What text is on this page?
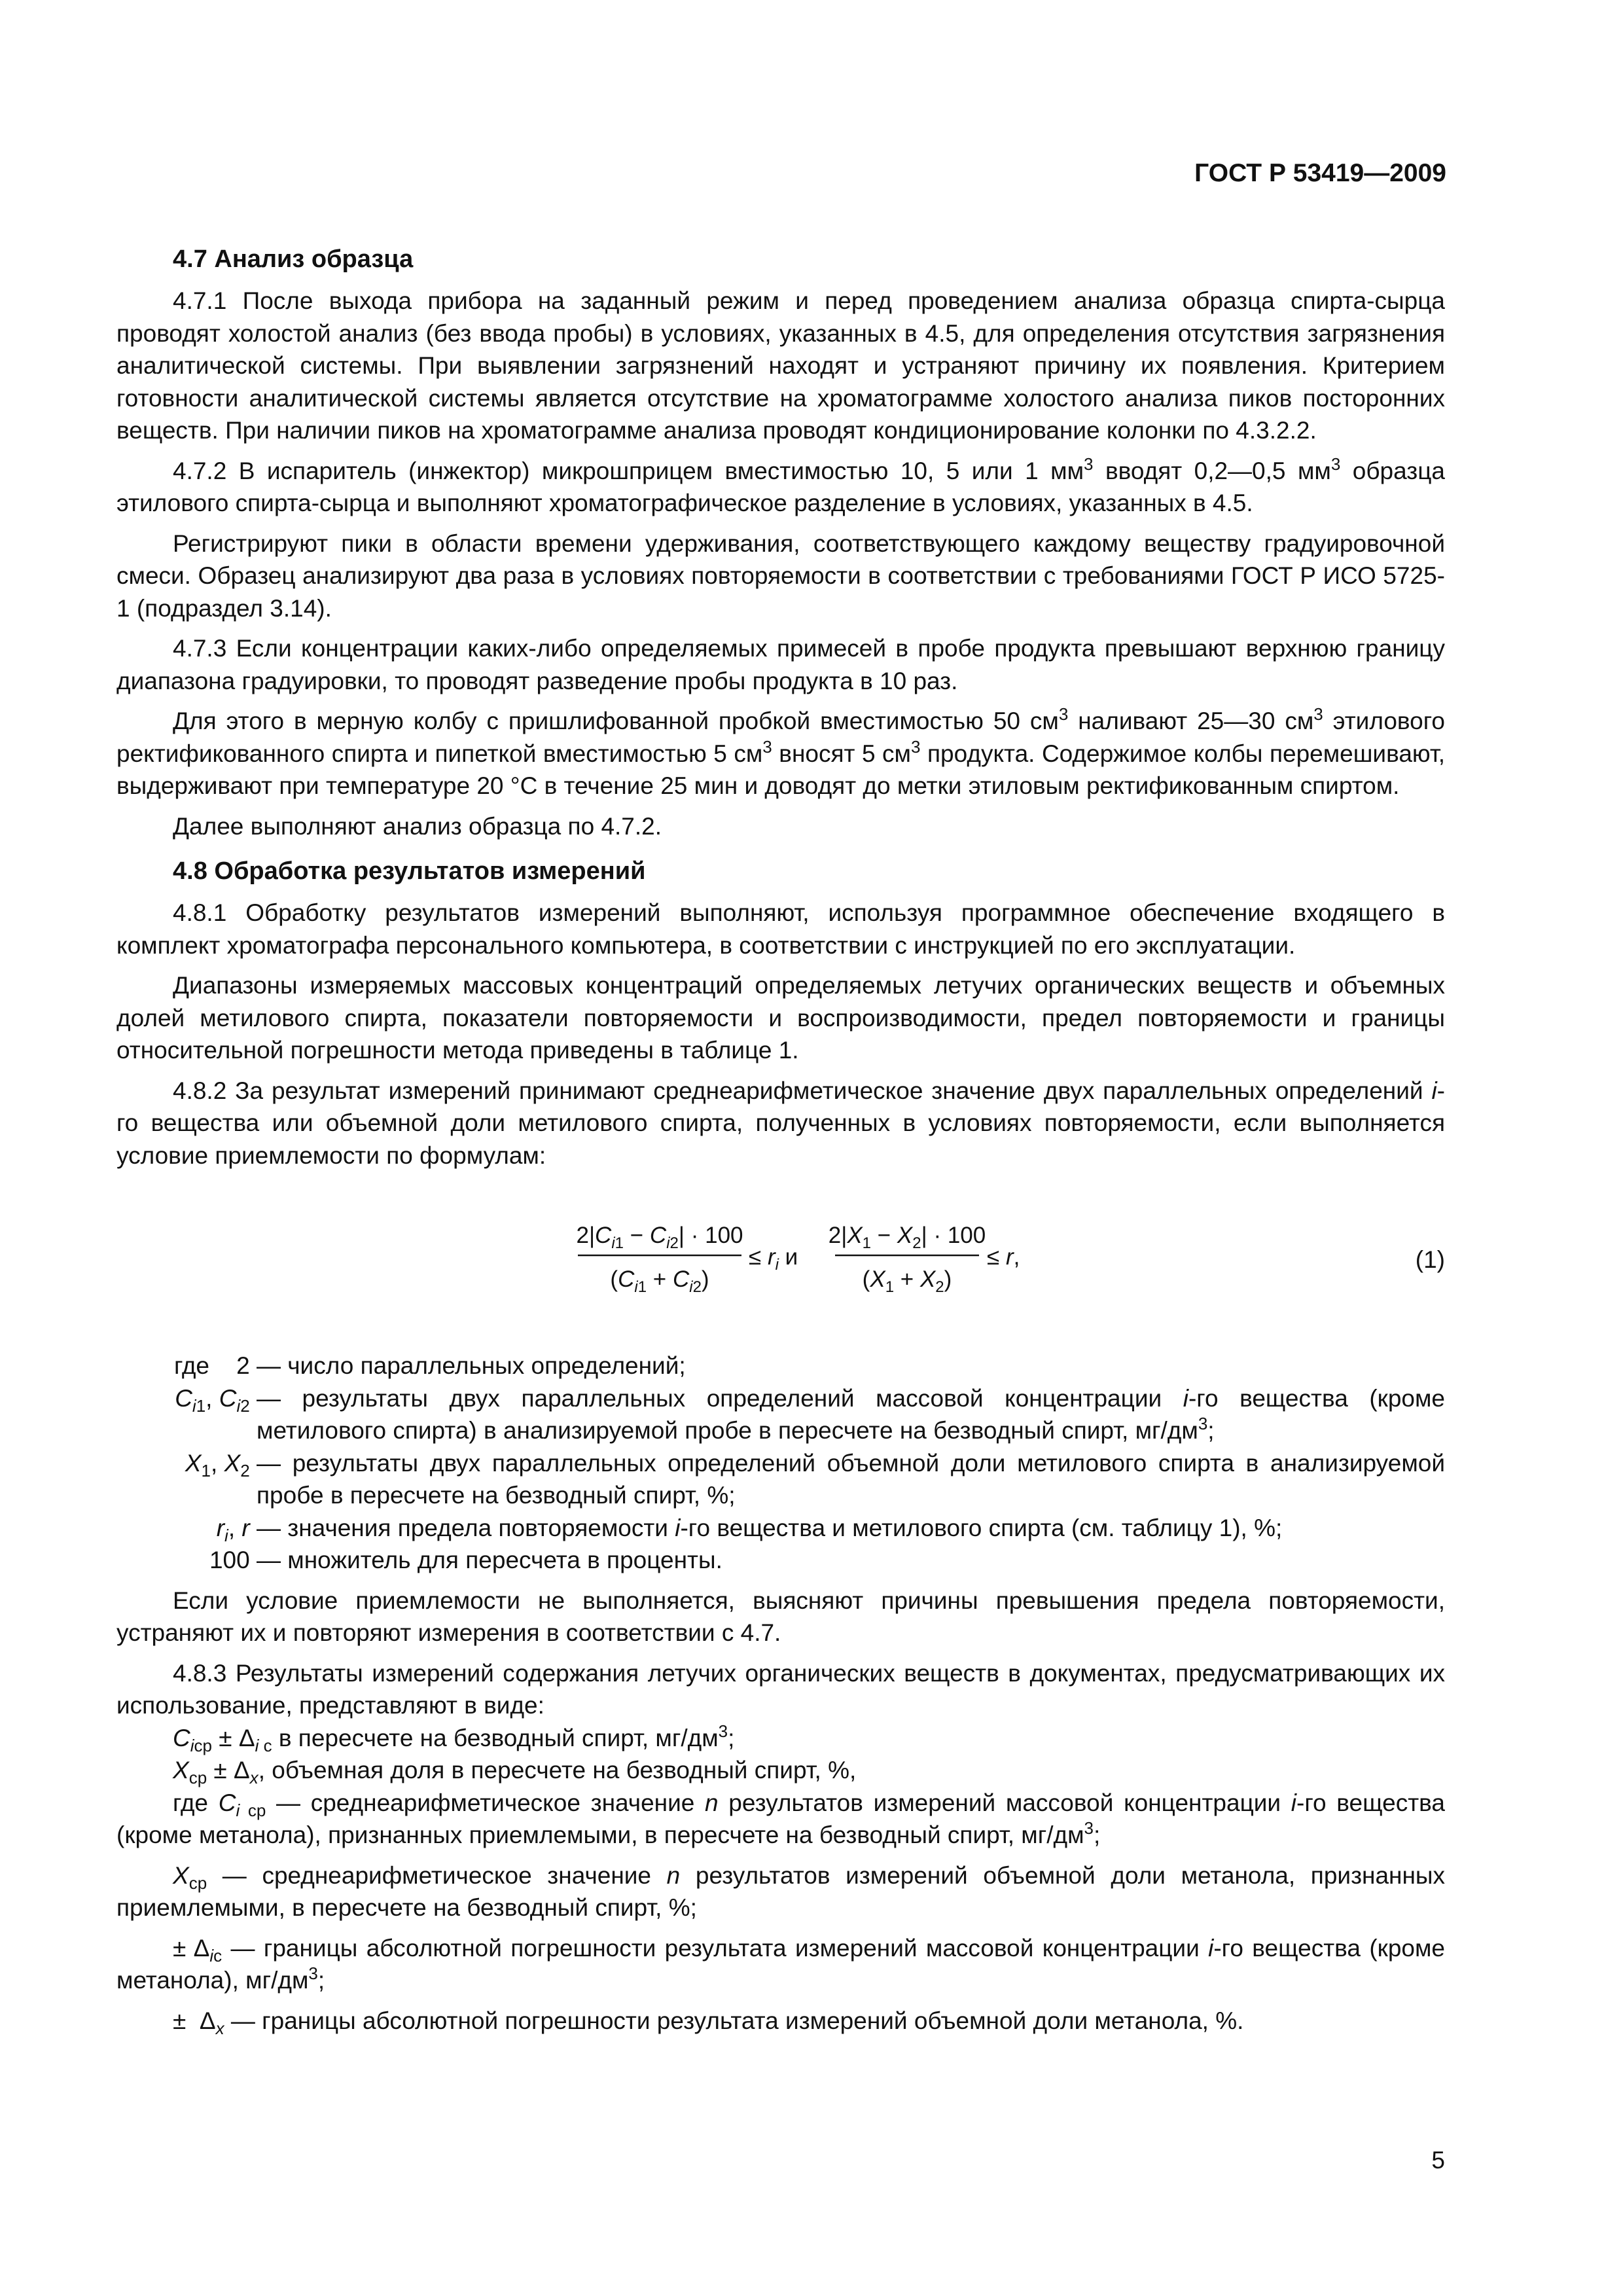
ГОСТ Р 53419—2009
4.7 Анализ образца

4.7.1 После выхода прибора на заданный режим и перед проведением анализа образца спирта-сырца проводят холостой анализ (без ввода пробы) в условиях, указанных в 4.5, для определения отсутствия загрязнения аналитической системы. При выявлении загрязнений находят и устраняют причину их появления. Критерием готовности аналитической системы является отсутствие на хроматограмме холостого анализа пиков посторонних веществ. При наличии пиков на хроматограмме анализа проводят кондиционирование колонки по 4.3.2.2.

4.7.2 В испаритель (инжектор) микрошприцем вместимостью 10, 5 или 1 $мм^3$ вводят 0,2—0,5 $мм^3$ образца этилового спирта-сырца и выполняют хроматографическое разделение в условиях, указанных в 4.5.

Регистрируют пики в области времени удерживания, соответствующего каждому веществу градуировочной смеси. Образец анализируют два раза в условиях повторяемости в соответствии с требованиями ГОСТ Р ИСО 5725-1 (подраздел 3.14).

4.7.3 Если концентрации каких-либо определяемых примесей в пробе продукта превышают верхнюю границу диапазона градуировки, то проводят разведение пробы продукта в 10 раз.

Для этого в мерную колбу с пришлифованной пробкой вместимостью 50 $см^3$ наливают 25—30 $см^3$ этилового ректификованного спирта и пипеткой вместимостью 5 $см^3$ вносят 5 $см^3$ продукта. Содержимое колбы перемешивают, выдерживают при температуре 20 °С в течение 25 мин и доводят до метки этиловым ректификованным спиртом.

Далее выполняют анализ образца по 4.7.2.

4.8 Обработка результатов измерений

4.8.1 Обработку результатов измерений выполняют, используя программное обеспечение входящего в комплект хроматографа персонального компьютера, в соответствии с инструкцией по его эксплуатации.

Диапазоны измеряемых массовых концентраций определяемых летучих органических веществ и объемных долей метилового спирта, показатели повторяемости и воспроизводимости, предел повторяемости и границы относительной погрешности метода приведены в таблице 1.

4.8.2 За результат измерений принимают среднеарифметическое значение двух параллельных определений i-го вещества или объемной доли метилового спирта, полученных в условиях повторяемости, если выполняется условие приемлемости по формулам:

$2|C_i1 - C_i2| \cdot 100$
$(C_i1 + C_i2)$
≤ $r_i$ и
$2|X_1 - X_2| \cdot 100$
$(X_1 + X_2)$
≤ r,	(1)
где 2 — число параллельных определений;
$C_{i1}$, $C_{i2}$ — результаты двух параллельных определений массовой концентрации i-го вещества (кроме метилового спирта) в анализируемой пробе в пересчете на безводный спирт, $мг/дм^3$;
$X_1$, $X_2$ — результаты двух параллельных определений объемной доли метилового спирта в анализируемой пробе в пересчете на безводный спирт, %;
$r_i$, r — значения предела повторяемости i-го вещества и метилового спирта (см. таблицу 1), %;
100 — множитель для пересчета в проценты.

Если условие приемлемости не выполняется, выясняют причины превышения предела повторяемости, устраняют их и повторяют измерения в соответствии с 4.7.

4.8.3 Результаты измерений содержания летучих органических веществ в документах, предусматривающих их использование, представляют в виде:

$C_{iср} \pm \Delta_{i с}$ в пересчете на безводный спирт, $мг/дм^3$;

$X_{ср} \pm \Delta_x$, объемная доля в пересчете на безводный спирт, %,

где $C_{i ср}$ — среднеарифметическое значение n результатов измерений массовой концентрации i-го вещества (кроме метанола), признанных приемлемыми, в пересчете на безводный спирт, $мг/дм^3$;

$X_{ср}$ — среднеарифметическое значение n результатов измерений объемной доли метанола, признанных приемлемыми, в пересчете на безводный спирт, %;

± $\Delta_{iс}$ — границы абсолютной погрешности результата измерений массовой концентрации i-го вещества (кроме метанола), $мг/дм^3$;

±  $\Delta_x$ — границы абсолютной погрешности результата измерений объемной доли метанола, %.

5
